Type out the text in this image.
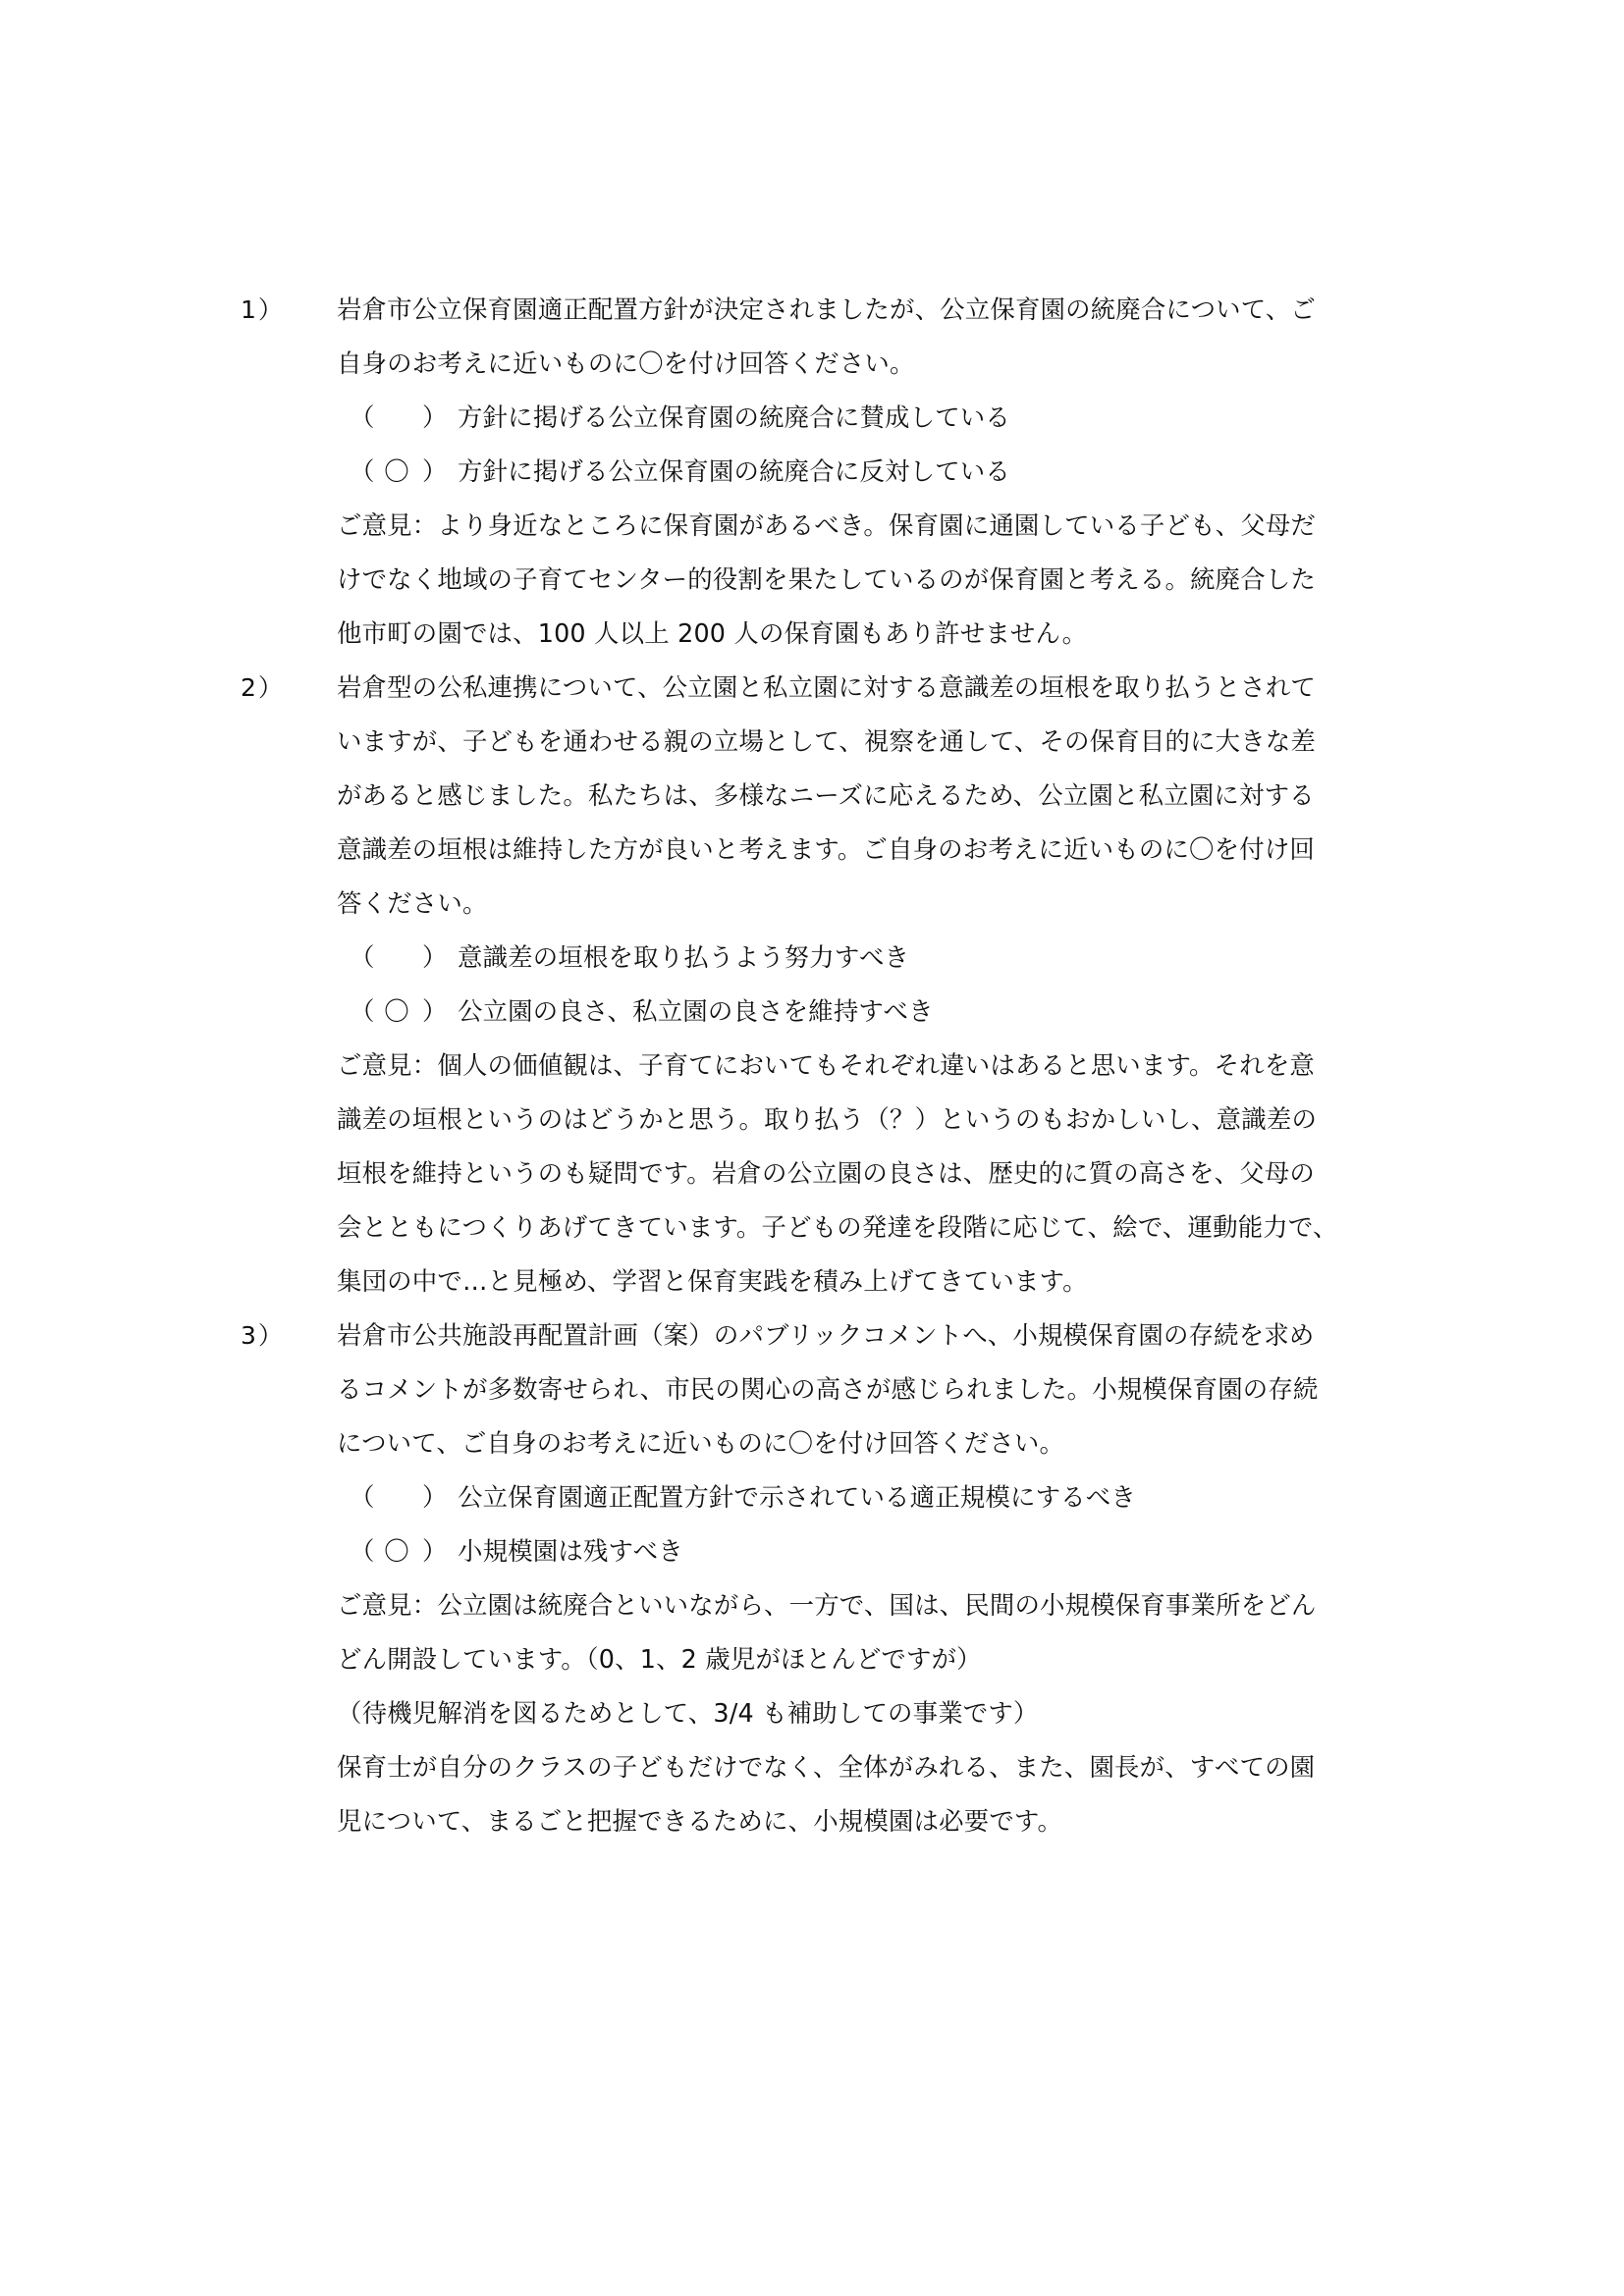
1）	岩倉市公立保育園適正配置方針が決定されましたが、公立保育園の統廃合について、ご
自身のお考えに近いものに〇を付け回答ください。
（ ） 方針に掲げる公立保育園の統廃合に賛成している
（ 〇 ） 方針に掲げる公立保育園の統廃合に反対している
ご意見：より身近なところに保育園があるべき。保育園に通園している子ども、父母だ
けでなく地域の子育てセンター的役割を果たしているのが保育園と考える。統廃合した
他市町の園では、100 人以上 200 人の保育園もあり許せません。
2）	岩倉型の公私連携について、公立園と私立園に対する意識差の垣根を取り払うとされて
いますが、子どもを通わせる親の立場として、視察を通して、その保育目的に大きな差
があると感じました。私たちは、多様なニーズに応えるため、公立園と私立園に対する
意識差の垣根は維持した方が良いと考えます。ご自身のお考えに近いものに〇を付け回
答ください。
（ ） 意識差の垣根を取り払うよう努力すべき
（ 〇 ） 公立園の良さ、私立園の良さを維持すべき
ご意見：個人の価値観は、子育てにおいてもそれぞれ違いはあると思います。それを意
識差の垣根というのはどうかと思う。取り払う（？）というのもおかしいし、意識差の
垣根を維持というのも疑問です。岩倉の公立園の良さは、歴史的に質の高さを、父母の
会とともにつくりあげてきています。子どもの発達を段階に応じて、絵で、運動能力で、
集団の中で…と見極め、学習と保育実践を積み上げてきています。
3）	岩倉市公共施設再配置計画（案）のパブリックコメントへ、小規模保育園の存続を求め
るコメントが多数寄せられ、市民の関心の高さが感じられました。小規模保育園の存続
について、ご自身のお考えに近いものに〇を付け回答ください。
（ ） 公立保育園適正配置方針で示されている適正規模にするべき
（ 〇 ） 小規模園は残すべき
ご意見：公立園は統廃合といいながら、一方で、国は、民間の小規模保育事業所をどん
どん開設しています。（0、1、2 歳児がほとんどですが）
（待機児解消を図るためとして、3/4 も補助しての事業です）
保育士が自分のクラスの子どもだけでなく、全体がみれる、また、園長が、すべての園
児について、まるごと把握できるために、小規模園は必要です。
